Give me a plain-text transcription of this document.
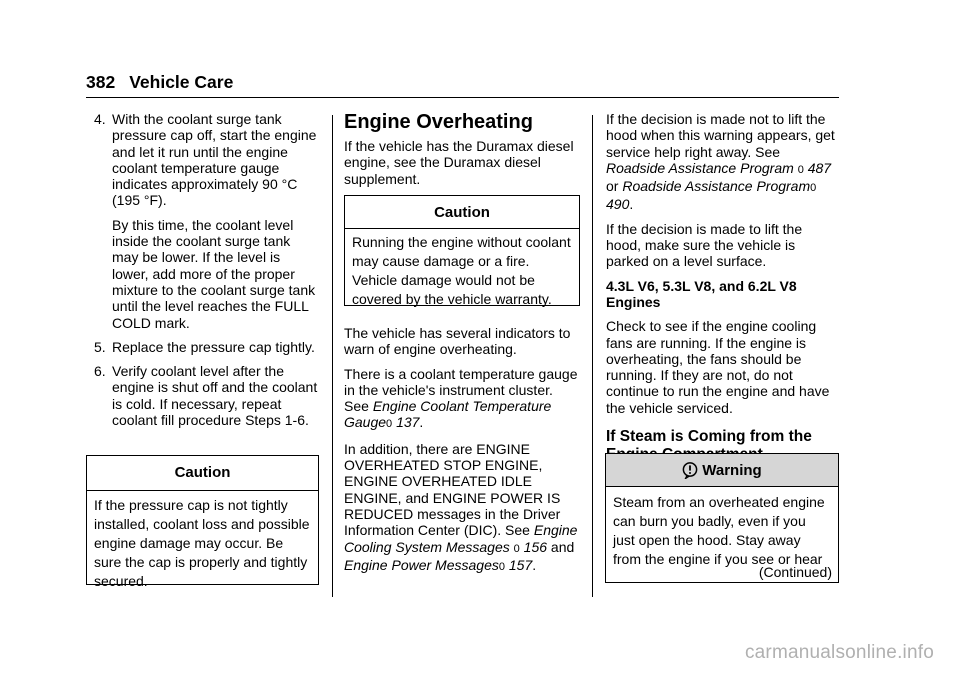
382 Vehicle Care
4. With the coolant surge tank pressure cap off, start the engine and let it run until the engine coolant temperature gauge indicates approximately 90 °C (195 °F).

By this time, the coolant level inside the coolant surge tank may be lower. If the level is lower, add more of the proper mixture to the coolant surge tank until the level reaches the FULL COLD mark.

5. Replace the pressure cap tightly.

6. Verify coolant level after the engine is shut off and the coolant is cold. If necessary, repeat coolant fill procedure Steps 1-6.

Caution
If the pressure cap is not tightly installed, coolant loss and possible engine damage may occur. Be sure the cap is properly and tightly secured.

Engine Overheating

If the vehicle has the Duramax diesel engine, see the Duramax diesel supplement.

Caution
Running the engine without coolant may cause damage or a fire. Vehicle damage would not be covered by the vehicle warranty.

The vehicle has several indicators to warn of engine overheating.

There is a coolant temperature gauge in the vehicle's instrument cluster. See Engine Coolant Temperature Gauge0 137.

In addition, there are ENGINE OVERHEATED STOP ENGINE, ENGINE OVERHEATED IDLE ENGINE, and ENGINE POWER IS REDUCED messages in the Driver Information Center (DIC). See Engine Cooling System Messages 0 156 and Engine Power Messages0 157.

If the decision is made not to lift the hood when this warning appears, get service help right away. See Roadside Assistance Program 0 487 or Roadside Assistance Program0 490.

If the decision is made to lift the hood, make sure the vehicle is parked on a level surface.

4.3L V6, 5.3L V8, and 6.2L V8 Engines

Check to see if the engine cooling fans are running. If the engine is overheating, the fans should be running. If they are not, do not continue to run the engine and have the vehicle serviced.

If Steam is Coming from the

Warning
Steam from an overheated engine can burn you badly, even if you just open the hood. Stay away from the engine if you see or hear
(Continued)
carmanualsonline.info
